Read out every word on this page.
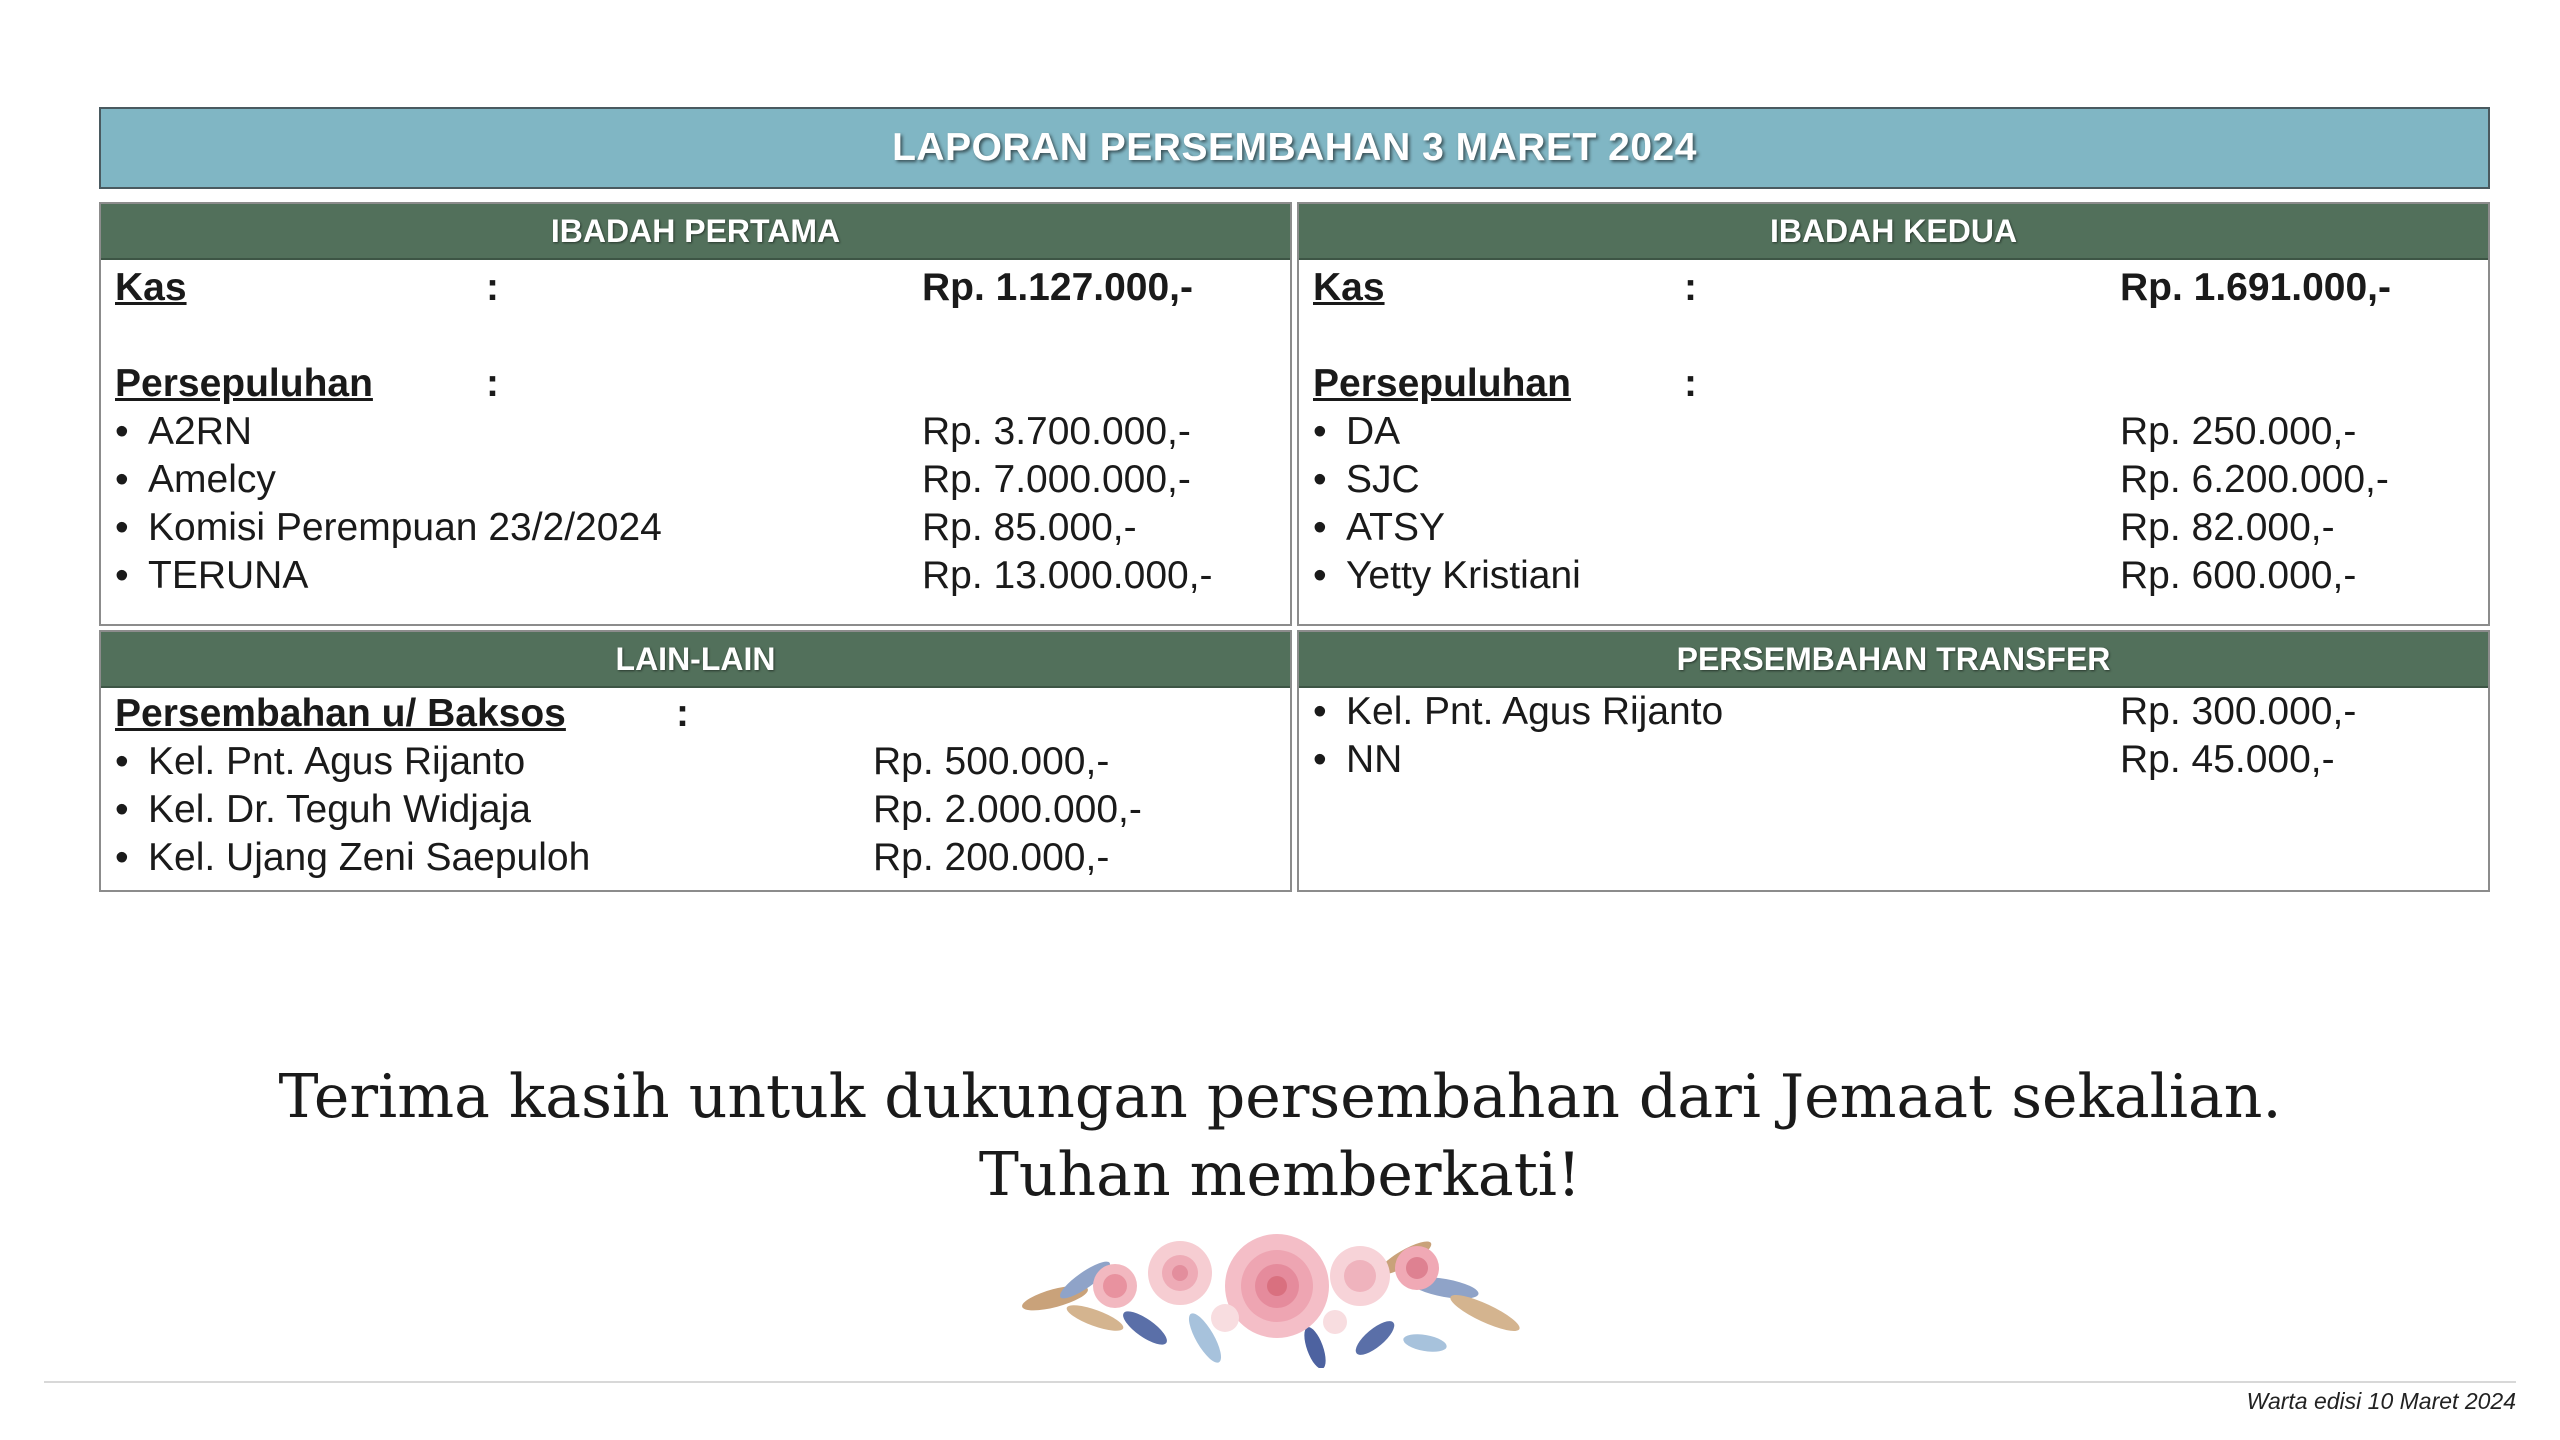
LAPORAN PERSEMBAHAN 3 MARET 2024
IBADAH PERTAMA
Kas	:	Rp. 1.127.000,-
Persepuluhan	:
• A2RN	Rp. 3.700.000,-
• Amelcy	Rp. 7.000.000,-
• Komisi Perempuan 23/2/2024	Rp. 85.000,-
• TERUNA	Rp. 13.000.000,-
IBADAH KEDUA
Kas	:	Rp. 1.691.000,-
Persepuluhan	:
• DA	Rp. 250.000,-
• SJC	Rp. 6.200.000,-
• ATSY	Rp. 82.000,-
• Yetty Kristiani	Rp. 600.000,-
LAIN-LAIN
Persembahan u/ Baksos	:
• Kel. Pnt. Agus Rijanto	Rp. 500.000,-
• Kel. Dr. Teguh Widjaja	Rp. 2.000.000,-
• Kel. Ujang Zeni Saepuloh	Rp. 200.000,-
PERSEMBAHAN TRANSFER
• Kel. Pnt. Agus Rijanto	Rp. 300.000,-
• NN	Rp. 45.000,-
Terima kasih untuk dukungan persembahan dari Jemaat sekalian.
Tuhan memberkati!
Warta edisi 10 Maret 2024
